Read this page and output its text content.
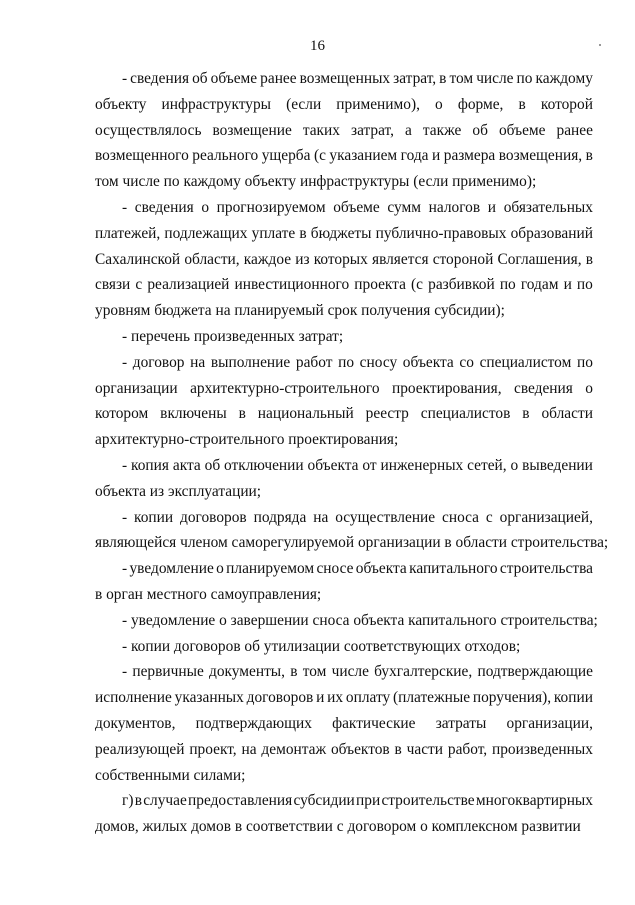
16
- сведения об объеме ранее возмещенных затрат, в том числе по каждому
объекту инфраструктуры (если применимо), о форме, в которой
осуществлялось возмещение таких затрат, а также об объеме ранее
возмещенного реального ущерба (с указанием года и размера возмещения, в
том числе по каждому объекту инфраструктуры (если применимо);
- сведения о прогнозируемом объеме сумм налогов и обязательных
платежей, подлежащих уплате в бюджеты публично-правовых образований
Сахалинской области, каждое из которых является стороной Соглашения, в
связи с реализацией инвестиционного проекта (с разбивкой по годам и по
уровням бюджета на планируемый срок получения субсидии);
- перечень произведенных затрат;
- договор на выполнение работ по сносу объекта со специалистом по
организации архитектурно-строительного проектирования, сведения о
котором включены в национальный реестр специалистов в области
архитектурно-строительного проектирования;
- копия акта об отключении объекта от инженерных сетей, о выведении
объекта из эксплуатации;
- копии договоров подряда на осуществление сноса с организацией,
являющейся членом саморегулируемой организации в области строительства;
- уведомление о планируемом сносе объекта капитального строительства
в орган местного самоуправления;
- уведомление о завершении сноса объекта капитального строительства;
- копии договоров об утилизации соответствующих отходов;
- первичные документы, в том числе бухгалтерские, подтверждающие
исполнение указанных договоров и их оплату (платежные поручения), копии
документов, подтверждающих фактические затраты организации,
реализующей проект, на демонтаж объектов в части работ, произведенных
собственными силами;
г) в случае предоставления субсидии при строительстве многоквартирных
домов, жилых домов в соответствии с договором о комплексном развитии
